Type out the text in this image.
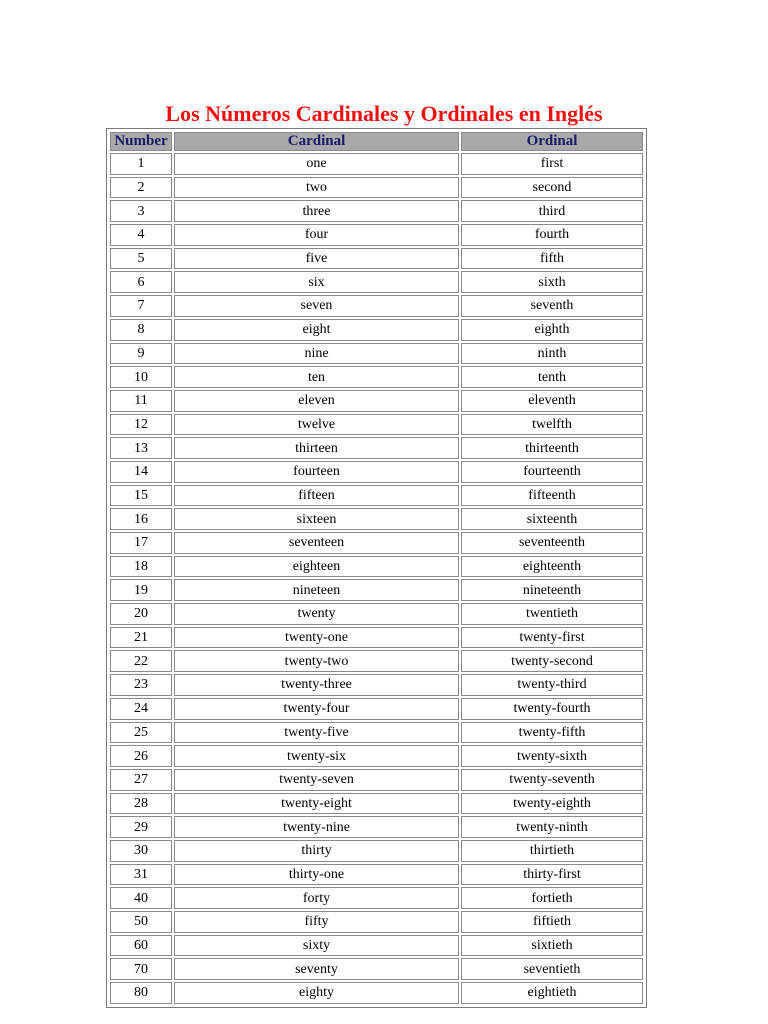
Los Números Cardinales y Ordinales en Inglés
Number	Cardinal	Ordinal
1	one	first
2	two	second
3	three	third
4	four	fourth
5	five	fifth
6	six	sixth
7	seven	seventh
8	eight	eighth
9	nine	ninth
10	ten	tenth
11	eleven	eleventh
12	twelve	twelfth
13	thirteen	thirteenth
14	fourteen	fourteenth
15	fifteen	fifteenth
16	sixteen	sixteenth
17	seventeen	seventeenth
18	eighteen	eighteenth
19	nineteen	nineteenth
20	twenty	twentieth
21	twenty-one	twenty-first
22	twenty-two	twenty-second
23	twenty-three	twenty-third
24	twenty-four	twenty-fourth
25	twenty-five	twenty-fifth
26	twenty-six	twenty-sixth
27	twenty-seven	twenty-seventh
28	twenty-eight	twenty-eighth
29	twenty-nine	twenty-ninth
30	thirty	thirtieth
31	thirty-one	thirty-first
40	forty	fortieth
50	fifty	fiftieth
60	sixty	sixtieth
70	seventy	seventieth
80	eighty	eightieth
